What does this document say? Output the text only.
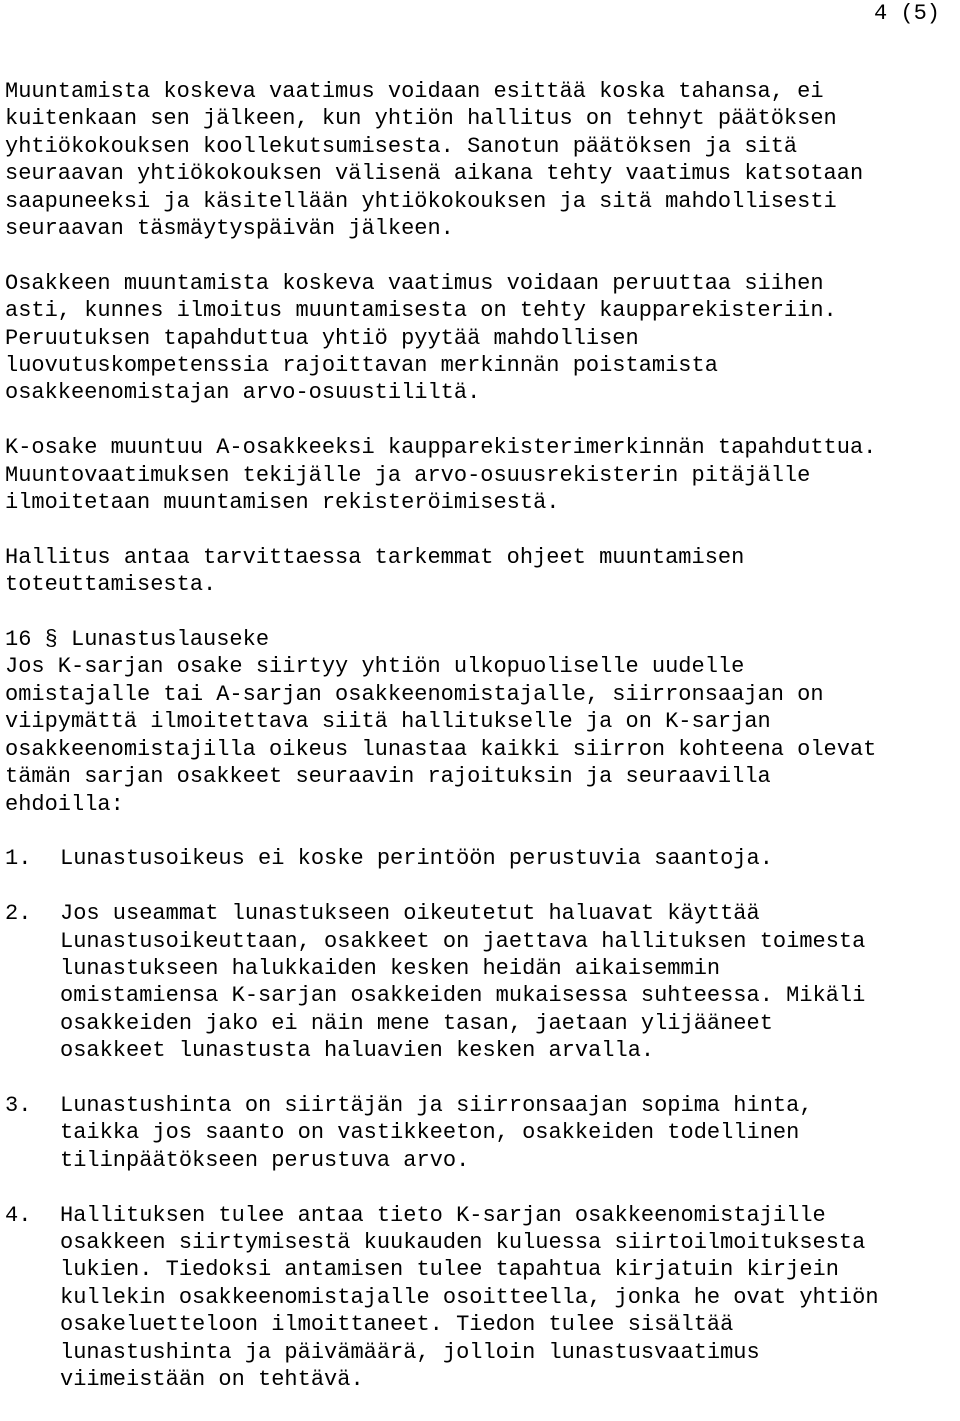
4 (5)

Muuntamista koskeva vaatimus voidaan esittää koska tahansa, ei
kuitenkaan sen jälkeen, kun yhtiön hallitus on tehnyt päätöksen
yhtiökokouksen koollekutsumisesta. Sanotun päätöksen ja sitä
seuraavan yhtiökokouksen välisenä aikana tehty vaatimus katsotaan
saapuneeksi ja käsitellään yhtiökokouksen ja sitä mahdollisesti
seuraavan täsmäytyspäivän jälkeen.

Osakkeen muuntamista koskeva vaatimus voidaan peruuttaa siihen
asti, kunnes ilmoitus muuntamisesta on tehty kaupparekisteriin.
Peruutuksen tapahduttua yhtiö pyytää mahdollisen
luovutuskompetenssia rajoittavan merkinnän poistamista
osakkeenomistajan arvo-osuustililtä.

K-osake muuntuu A-osakkeeksi kaupparekisterimerkinnän tapahduttua.
Muuntovaatimuksen tekijälle ja arvo-osuusrekisterin pitäjälle
ilmoitetaan muuntamisen rekisteröimisestä.

Hallitus antaa tarvittaessa tarkemmat ohjeet muuntamisen
toteuttamisesta.

16 § Lunastuslauseke

Jos K-sarjan osake siirtyy yhtiön ulkopuoliselle uudelle
omistajalle tai A-sarjan osakkeenomistajalle, siirronsaajan on
viipymättä ilmoitettava siitä hallitukselle ja on K-sarjan
osakkeenomistajilla oikeus lunastaa kaikki siirron kohteena olevat
tämän sarjan osakkeet seuraavin rajoituksin ja seuraavilla
ehdoilla:

1.	Lunastusoikeus ei koske perintöön perustuvia saantoja.
2.	Jos useammat lunastukseen oikeutetut haluavat käyttää
Lunastusoikeuttaan, osakkeet on jaettava hallituksen toimesta
lunastukseen halukkaiden kesken heidän aikaisemmin
omistamiensa K-sarjan osakkeiden mukaisessa suhteessa. Mikäli
osakkeiden jako ei näin mene tasan, jaetaan ylijääneet
osakkeet lunastusta haluavien kesken arvalla.
3.	Lunastushinta on siirtäjän ja siirronsaajan sopima hinta,
taikka jos saanto on vastikkeeton, osakkeiden todellinen
tilinpäätökseen perustuva arvo.
4.	Hallituksen tulee antaa tieto K-sarjan osakkeenomistajille
osakkeen siirtymisestä kuukauden kuluessa siirtoilmoituksesta
lukien. Tiedoksi antamisen tulee tapahtua kirjatuin kirjein
kullekin osakkeenomistajalle osoitteella, jonka he ovat yhtiön
osakeluetteloon ilmoittaneet. Tiedon tulee sisältää
lunastushinta ja päivämäärä, jolloin lunastusvaatimus
viimeistään on tehtävä.
